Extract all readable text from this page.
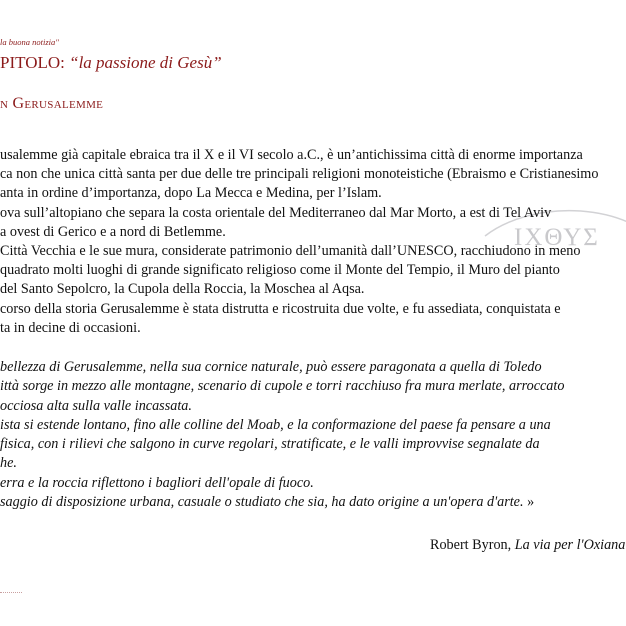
la buona notizia"
PITOLO: “la passione di Gesù”
n Gerusalemme
IXΘΥΣ
usalemme già capitale ebraica tra il X e il VI secolo a.C., è un’antichissima città di enorme importanza
ca non che unica città santa per due delle tre principali religioni monoteistiche (Ebraismo e Cristianesimo
anta in ordine d’importanza, dopo La Mecca e Medina, per l’Islam.
ova sull’altopiano che separa la costa orientale del Mediterraneo dal Mar Morto, a est di Tel Aviv
a ovest di Gerico e a nord di Betlemme.
Città Vecchia e le sue mura, considerate patrimonio dell’umanità dall’UNESCO, racchiudono in meno
quadrato molti luoghi di grande significato religioso come il Monte del Tempio, il Muro del pianto
del Santo Sepolcro, la Cupola della Roccia, la Moschea al Aqsa.
corso della storia Gerusalemme è stata distrutta e ricostruita due volte, e fu assediata, conquistata e
ta in decine di occasioni.
bellezza di Gerusalemme, nella sua cornice naturale, può essere paragonata a quella di Toledo
ittà sorge in mezzo alle montagne, scenario di cupole e torri racchiuso fra mura merlate, arroccato
occiosa alta sulla valle incassata.
ista si estende lontano, fino alle colline del Moab, e la conformazione del paese fa pensare a una
fisica, con i rilievi che salgono in curve regolari, stratificate, e le valli improvvise segnalate da
he.
erra e la roccia riflettono i bagliori dell'opale di fuoco.
saggio di disposizione urbana, casuale o studiato che sia, ha dato origine a un'opera d'arte. »
Robert Byron, La via per l'Oxiana
